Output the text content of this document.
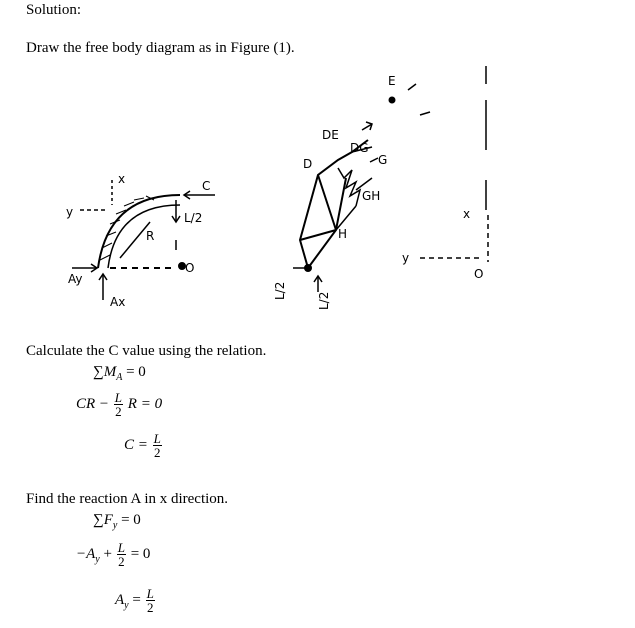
Solution:
Draw the free body diagram as in Figure (1).
x
y
C
L/2
R
O
Ay
Ax
DE
DG
G
GH
D
H
L/2
L/2
E
x
y
O
Calculate the C value using the relation.
$\sum M_A = 0$
CR − $\frac{L}{2}$ R = 0
$C = \frac{L}{2}$
Find the reaction A in x direction.
$\sum F_y = 0$
$-A_y + \frac{L}{2} = 0$
$A_y = \frac{L}{2}$
